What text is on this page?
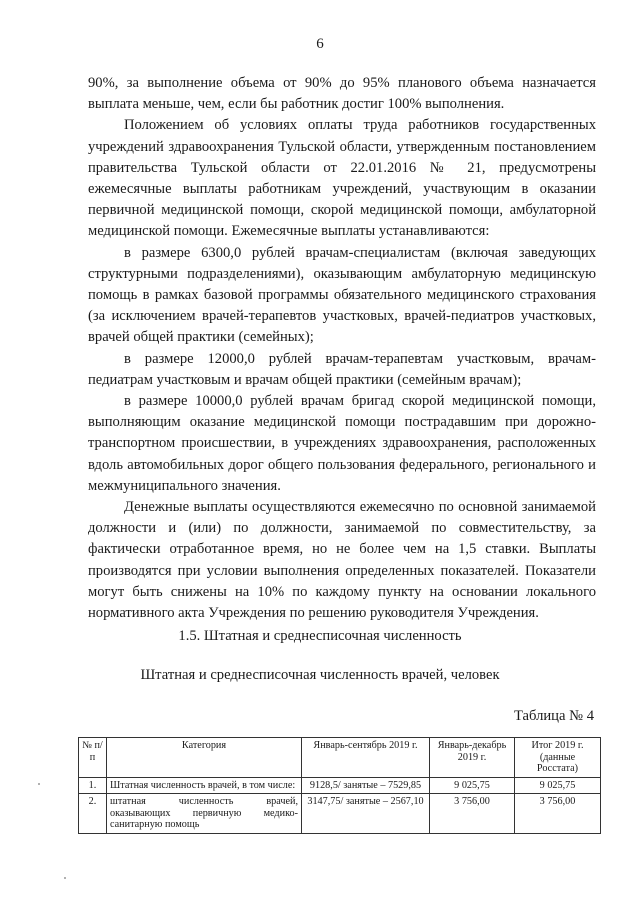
6

90%, за выполнение объема от 90% до 95% планового объема назначается выплата меньше, чем, если бы работник достиг 100% выполнения.

Положением об условиях оплаты труда работников государственных учреждений здравоохранения Тульской области, утвержденным постановлением правительства Тульской области от 22.01.2016 № 21, предусмотрены ежемесячные выплаты работникам учреждений, участвующим в оказании первичной медицинской помощи, скорой медицинской помощи, амбулаторной медицинской помощи. Ежемесячные выплаты устанавливаются:

в размере 6300,0 рублей врачам-специалистам (включая заведующих структурными подразделениями), оказывающим амбулаторную медицинскую помощь в рамках базовой программы обязательного медицинского страхования (за исключением врачей-терапевтов участковых, врачей-педиатров участковых, врачей общей практики (семейных);

в размере 12000,0 рублей врачам-терапевтам участковым, врачам-педиатрам участковым и врачам общей практики (семейным врачам);

в размере 10000,0 рублей врачам бригад скорой медицинской помощи, выполняющим оказание медицинской помощи пострадавшим при дорожно-транспортном происшествии, в учреждениях здравоохранения, расположенных вдоль автомобильных дорог общего пользования федерального, регионального и межмуниципального значения.

Денежные выплаты осуществляются ежемесячно по основной занимаемой должности и (или) по должности, занимаемой по совместительству, за фактически отработанное время, но не более чем на 1,5 ставки. Выплаты производятся при условии выполнения определенных показателей. Показатели могут быть снижены на 10% по каждому пункту на основании локального нормативного акта Учреждения по решению руководителя Учреждения.

1.5. Штатная и среднесписочная численность
Штатная и среднесписочная численность врачей, человек
Таблица № 4
№ п/п	Категория	Январь-сентябрь 2019 г.	Январь-декабрь 2019 г.	Итог 2019 г. (данные Росстата)
1.	Штатная численность врачей, в том числе:	9128,5/ занятые – 7529,85	9 025,75	9 025,75
2.	штатная численность врачей, оказывающих первичную медико-санитарную помощь	3147,75/ занятые – 2567,10	3 756,00	3 756,00
